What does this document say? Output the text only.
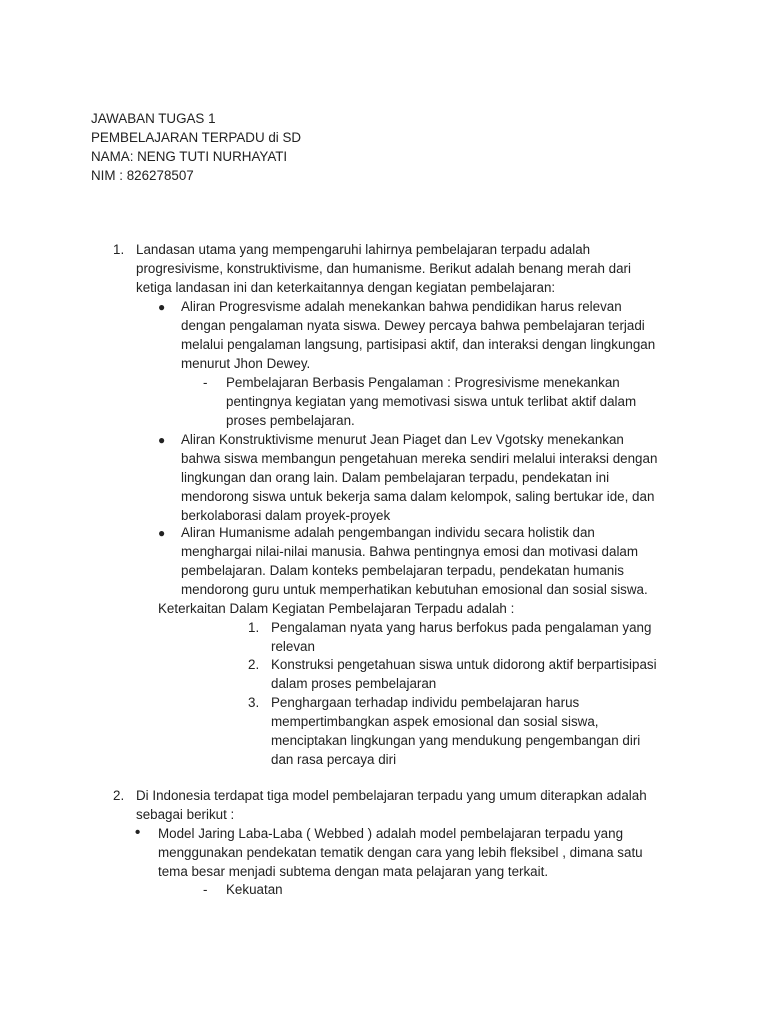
JAWABAN TUGAS 1
PEMBELAJARAN TERPADU di SD
NAMA: NENG TUTI NURHAYATI
NIM : 826278507
1. Landasan utama yang mempengaruhi lahirnya pembelajaran terpadu adalah
progresivisme, konstruktivisme, dan humanisme. Berikut adalah benang merah dari
ketiga landasan ini dan keterkaitannya dengan kegiatan pembelajaran:
● Aliran Progresvisme adalah menekankan bahwa pendidikan harus relevan
dengan pengalaman nyata siswa. Dewey percaya bahwa pembelajaran terjadi
melalui pengalaman langsung, partisipasi aktif, dan interaksi dengan lingkungan
menurut Jhon Dewey.
- Pembelajaran Berbasis Pengalaman : Progresivisme menekankan
pentingnya kegiatan yang memotivasi siswa untuk terlibat aktif dalam
proses pembelajaran.
● Aliran Konstruktivisme menurut Jean Piaget dan Lev Vgotsky menekankan
bahwa siswa membangun pengetahuan mereka sendiri melalui interaksi dengan
lingkungan dan orang lain. Dalam pembelajaran terpadu, pendekatan ini
mendorong siswa untuk bekerja sama dalam kelompok, saling bertukar ide, dan
berkolaborasi dalam proyek-proyek
● Aliran Humanisme adalah pengembangan individu secara holistik dan
menghargai nilai-nilai manusia. Bahwa pentingnya emosi dan motivasi dalam
pembelajaran. Dalam konteks pembelajaran terpadu, pendekatan humanis
mendorong guru untuk memperhatikan kebutuhan emosional dan sosial siswa.
Keterkaitan Dalam Kegiatan Pembelajaran Terpadu adalah :
1. Pengalaman nyata yang harus berfokus pada pengalaman yang
relevan
2. Konstruksi pengetahuan siswa untuk didorong aktif berpartisipasi
dalam proses pembelajaran
3. Penghargaan terhadap individu pembelajaran harus
mempertimbangkan aspek emosional dan sosial siswa,
menciptakan lingkungan yang mendukung pengembangan diri
dan rasa percaya diri
2. Di Indonesia terdapat tiga model pembelajaran terpadu yang umum diterapkan adalah
sebagai berikut :
• Model Jaring Laba-Laba ( Webbed ) adalah model pembelajaran terpadu yang
menggunakan pendekatan tematik dengan cara yang lebih fleksibel , dimana satu
tema besar menjadi subtema dengan mata pelajaran yang terkait.
- Kekuatan
